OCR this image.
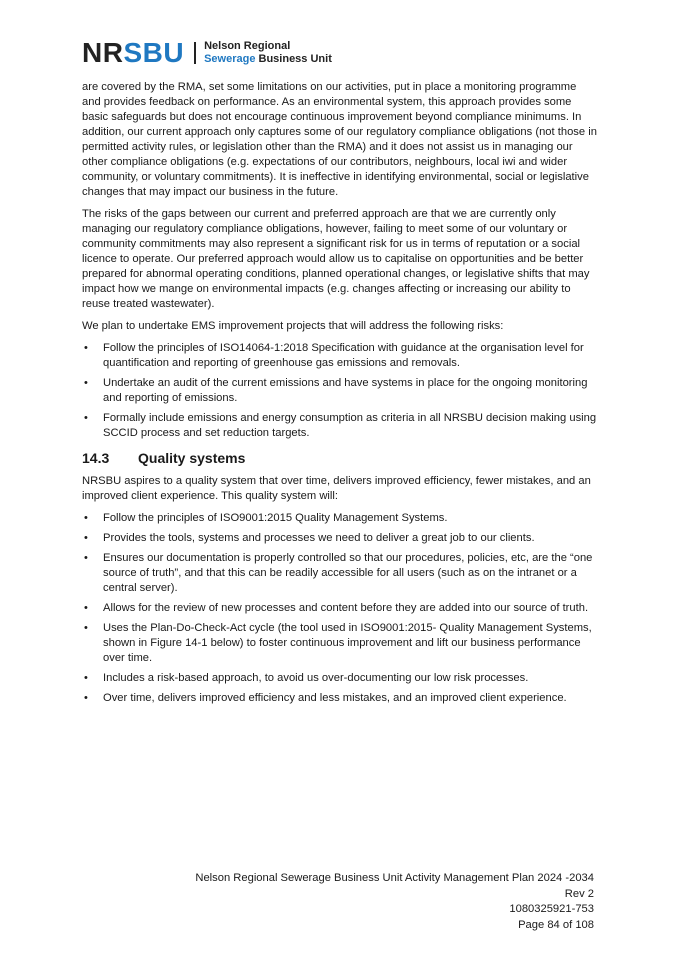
NRSBU Nelson Regional
Sewerage Business Unit

are covered by the RMA, set some limitations on our activities, put in place a monitoring programme and provides feedback on performance. As an environmental system, this approach provides some basic safeguards but does not encourage continuous improvement beyond compliance minimums. In addition, our current approach only captures some of our regulatory compliance obligations (not those in permitted activity rules, or legislation other than the RMA) and it does not assist us in managing our other compliance obligations (e.g. expectations of our contributors, neighbours, local iwi and wider community, or voluntary commitments). It is ineffective in identifying environmental, social or legislative changes that may impact our business in the future.

The risks of the gaps between our current and preferred approach are that we are currently only managing our regulatory compliance obligations, however, failing to meet some of our voluntary or community commitments may also represent a significant risk for us in terms of reputation or a social licence to operate. Our preferred approach would allow us to capitalise on opportunities and be better prepared for abnormal operating conditions, planned operational changes, or legislative shifts that may impact how we mange on environmental impacts (e.g. changes affecting or increasing our ability to reuse treated wastewater).

We plan to undertake EMS improvement projects that will address the following risks:

• Follow the principles of ISO14064-1:2018 Specification with guidance at the organisation level for quantification and reporting of greenhouse gas emissions and removals.
• Undertake an audit of the current emissions and have systems in place for the ongoing monitoring and reporting of emissions.
• Formally include emissions and energy consumption as criteria in all NRSBU decision making using SCCID process and set reduction targets.
14.3	Quality systems

NRSBU aspires to a quality system that over time, delivers improved efficiency, fewer mistakes, and an improved client experience. This quality system will:

• Follow the principles of ISO9001:2015 Quality Management Systems.
• Provides the tools, systems and processes we need to deliver a great job to our clients.
• Ensures our documentation is properly controlled so that our procedures, policies, etc, are the “one source of truth”, and that this can be readily accessible for all users (such as on the intranet or a central server).
• Allows for the review of new processes and content before they are added into our source of truth.
• Uses the Plan-Do-Check-Act cycle (the tool used in ISO9001:2015- Quality Management Systems, shown in Figure 14-1 below) to foster continuous improvement and lift our business performance over time.
• Includes a risk-based approach, to avoid us over-documenting our low risk processes.
• Over time, delivers improved efficiency and less mistakes, and an improved client experience.
Nelson Regional Sewerage Business Unit Activity Management Plan 2024 -2034
Rev 2
1080325921-753
Page 84 of 108
